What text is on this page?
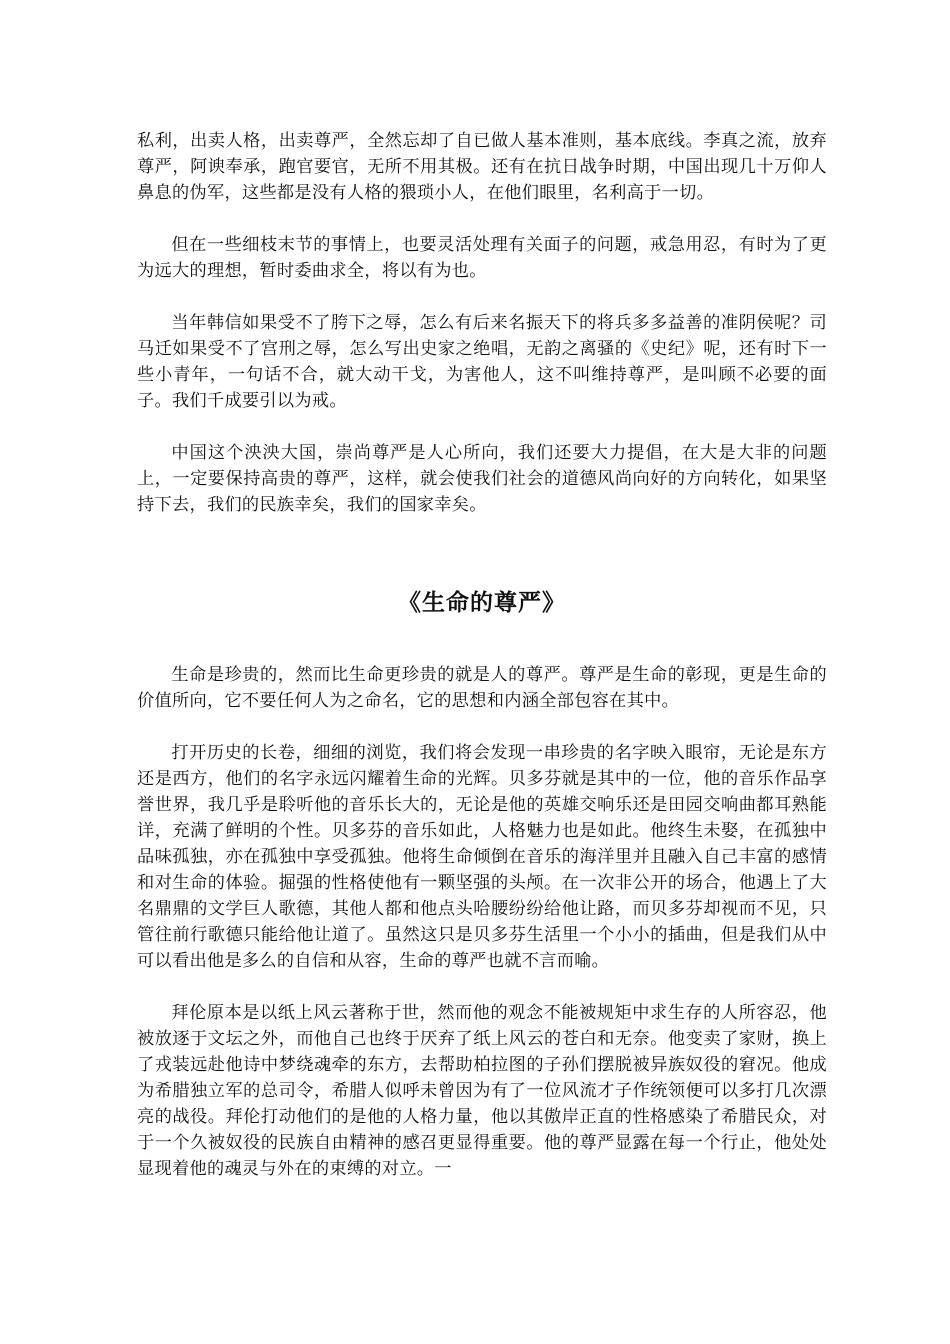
私利，出卖人格，出卖尊严，全然忘却了自已做人基本准则，基本底线。李真之流，放弃尊严，阿谀奉承，跑官要官，无所不用其极。还有在抗日战争时期，中国出现几十万仰人鼻息的伪军，这些都是没有人格的猥琐小人，在他们眼里，名利高于一切。

但在一些细枝末节的事情上，也要灵活处理有关面子的问题，戒急用忍，有时为了更为远大的理想，暂时委曲求全，将以有为也。

当年韩信如果受不了胯下之辱，怎么有后来名振天下的将兵多多益善的准阴侯呢？司马迁如果受不了宫刑之辱，怎么写出史家之绝唱，无韵之离骚的《史纪》呢，还有时下一些小青年，一句话不合，就大动干戈，为害他人，这不叫维持尊严，是叫顾不必要的面子。我们千成要引以为戒。

中国这个泱泱大国，崇尚尊严是人心所向，我们还要大力提倡，在大是大非的问题上，一定要保持高贵的尊严，这样，就会使我们社会的道德风尚向好的方向转化，如果坚持下去，我们的民族幸矣，我们的国家幸矣。

《生命的尊严》

生命是珍贵的，然而比生命更珍贵的就是人的尊严。尊严是生命的彰现，更是生命的价值所向，它不要任何人为之命名，它的思想和内涵全部包容在其中。

打开历史的长卷，细细的浏览，我们将会发现一串珍贵的名字映入眼帘，无论是东方还是西方，他们的名字永远闪耀着生命的光辉。贝多芬就是其中的一位，他的音乐作品享誉世界，我几乎是聆听他的音乐长大的，无论是他的英雄交响乐还是田园交响曲都耳熟能详，充满了鲜明的个性。贝多芬的音乐如此，人格魅力也是如此。他终生未娶，在孤独中品味孤独，亦在孤独中享受孤独。他将生命倾倒在音乐的海洋里并且融入自己丰富的感情和对生命的体验。掘强的性格使他有一颗坚强的头颅。在一次非公开的场合，他遇上了大名鼎鼎的文学巨人歌德，其他人都和他点头哈腰纷纷给他让路，而贝多芬却视而不见，只管往前行歌德只能给他让道了。虽然这只是贝多芬生活里一个小小的插曲，但是我们从中可以看出他是多么的自信和从容，生命的尊严也就不言而喻。

拜伦原本是以纸上风云著称于世，然而他的观念不能被规矩中求生存的人所容忍，他被放逐于文坛之外，而他自己也终于厌弃了纸上风云的苍白和无奈。他变卖了家财，换上了戎装远赴他诗中梦绕魂牵的东方，去帮助柏拉图的子孙们摆脱被异族奴役的窘况。他成为希腊独立军的总司令，希腊人似呼未曾因为有了一位风流才子作统领便可以多打几次漂亮的战役。拜伦打动他们的是他的人格力量，他以其傲岸正直的性格感染了希腊民众，对于一个久被奴役的民族自由精神的感召更显得重要。他的尊严显露在每一个行止，他处处显现着他的魂灵与外在的束缚的对立。一
